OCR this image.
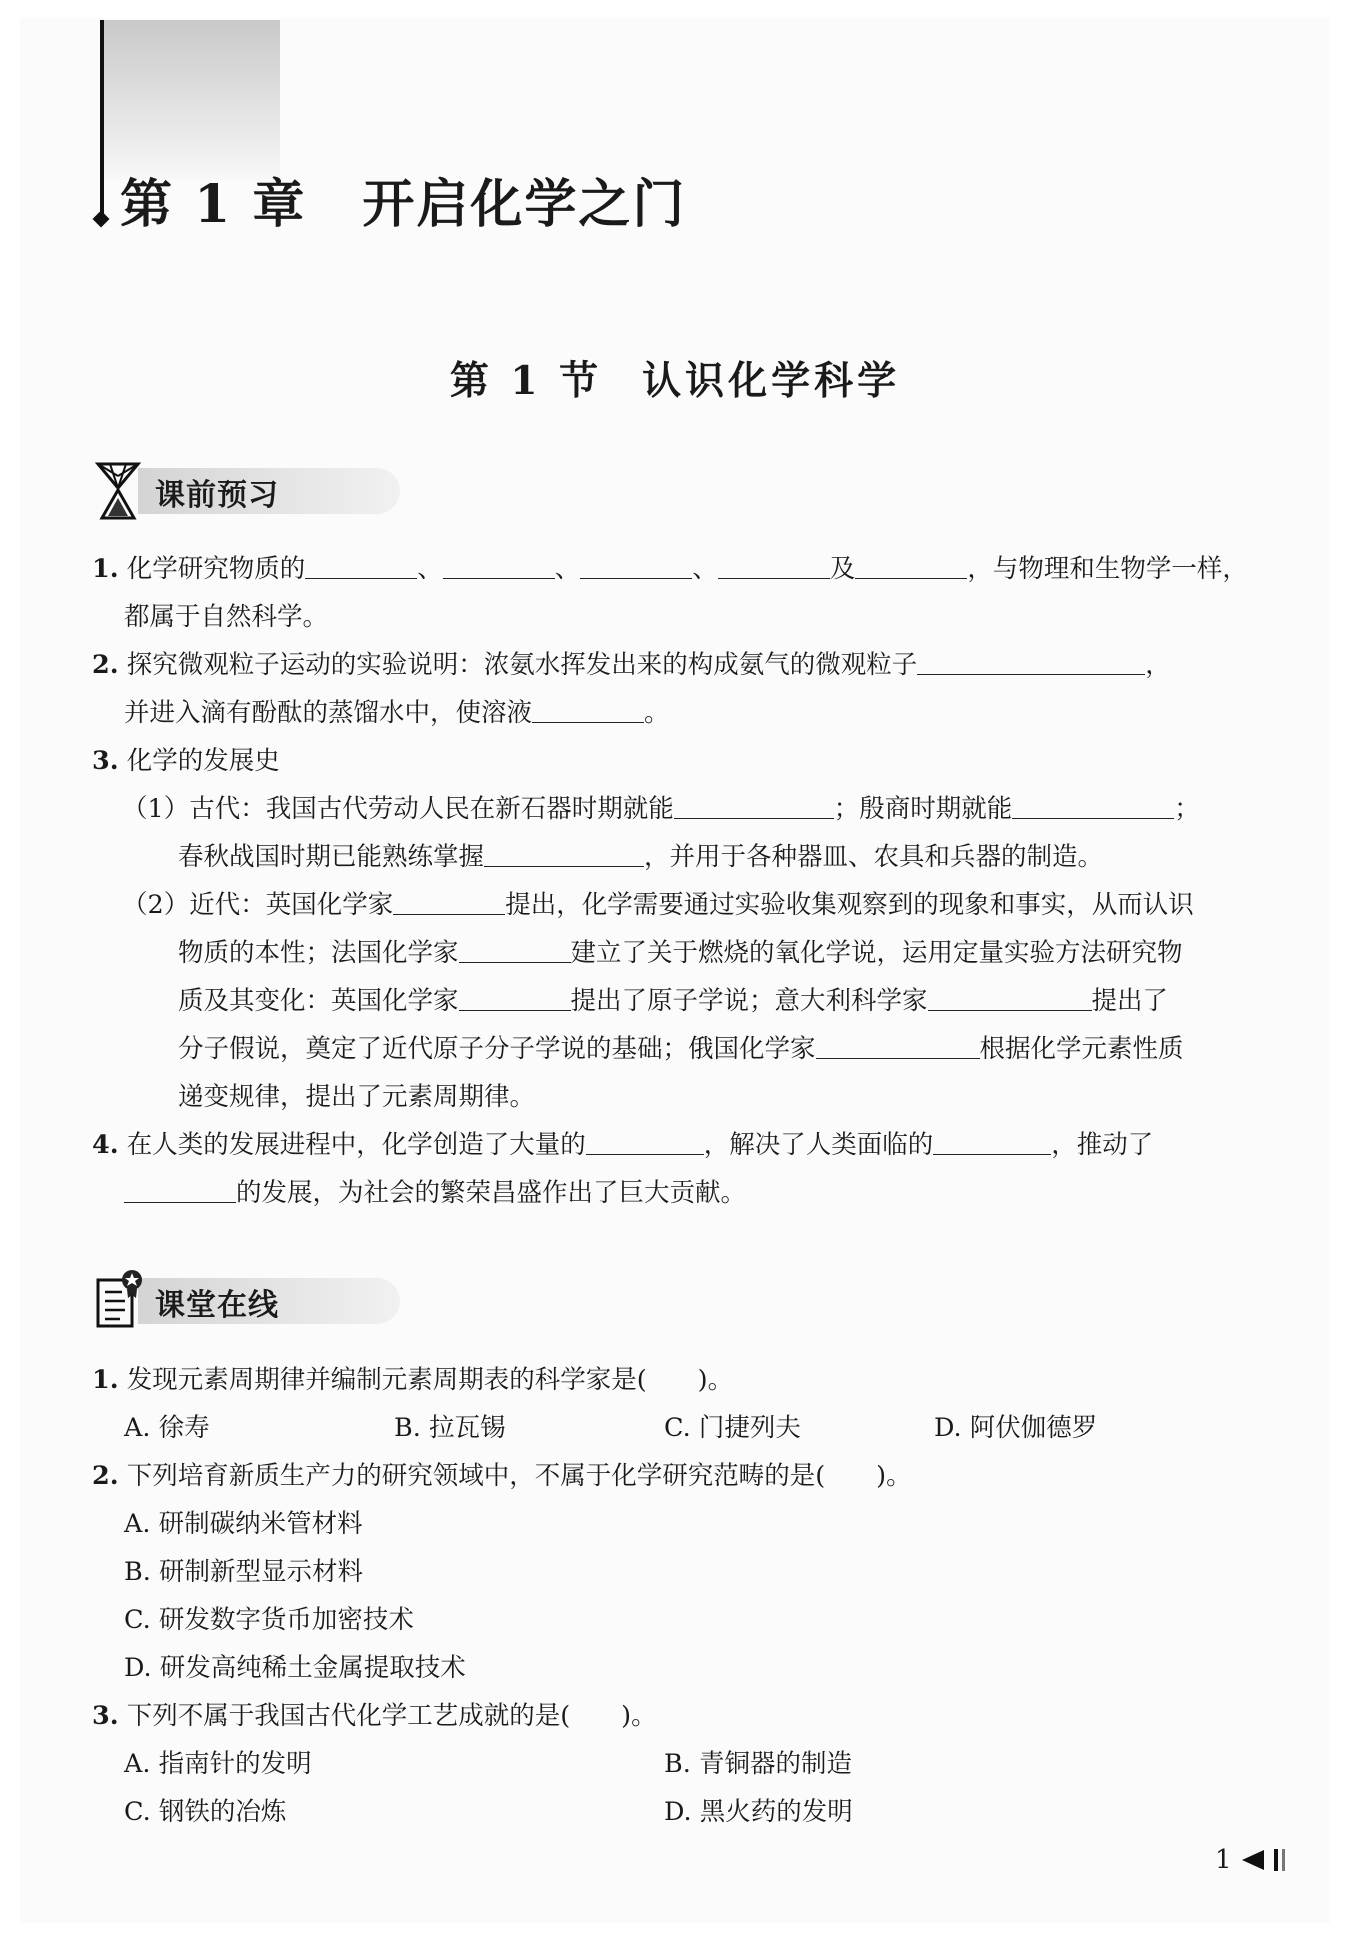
第 1 章 开启化学之门
第 1 节 认识化学科学
课前预习
1. 化学研究物质的	、	、	、	及	，与物理和生物学一样，
都属于自然科学。
2. 探究微观粒子运动的实验说明：浓氨水挥发出来的构成氨气的微观粒子	，
并进入滴有酚酞的蒸馏水中，使溶液	。
3. 化学的发展史
（1）古代：我国古代劳动人民在新石器时期就能	；殷商时期就能	；
春秋战国时期已能熟练掌握	，并用于各种器皿、农具和兵器的制造。
（2）近代：英国化学家	提出，化学需要通过实验收集观察到的现象和事实，从而认识
物质的本性；法国化学家	建立了关于燃烧的氧化学说，运用定量实验方法研究物
质及其变化：英国化学家	提出了原子学说；意大利科学家	提出了
分子假说，奠定了近代原子分子学说的基础；俄国化学家	根据化学元素性质
递变规律，提出了元素周期律。
4. 在人类的发展进程中，化学创造了大量的	，解决了人类面临的	，推动了
的发展，为社会的繁荣昌盛作出了巨大贡献。
课堂在线
1. 发现元素周期律并编制元素周期表的科学家是(　　)。
A. 徐寿	B. 拉瓦锡	C. 门捷列夫	D. 阿伏伽德罗
2. 下列培育新质生产力的研究领域中，不属于化学研究范畴的是(　　)。
A. 研制碳纳米管材料
B. 研制新型显示材料
C. 研发数字货币加密技术
D. 研发高纯稀土金属提取技术
3. 下列不属于我国古代化学工艺成就的是(　　)。
A. 指南针的发明	B. 青铜器的制造
C. 钢铁的冶炼	D. 黑火药的发明
1
